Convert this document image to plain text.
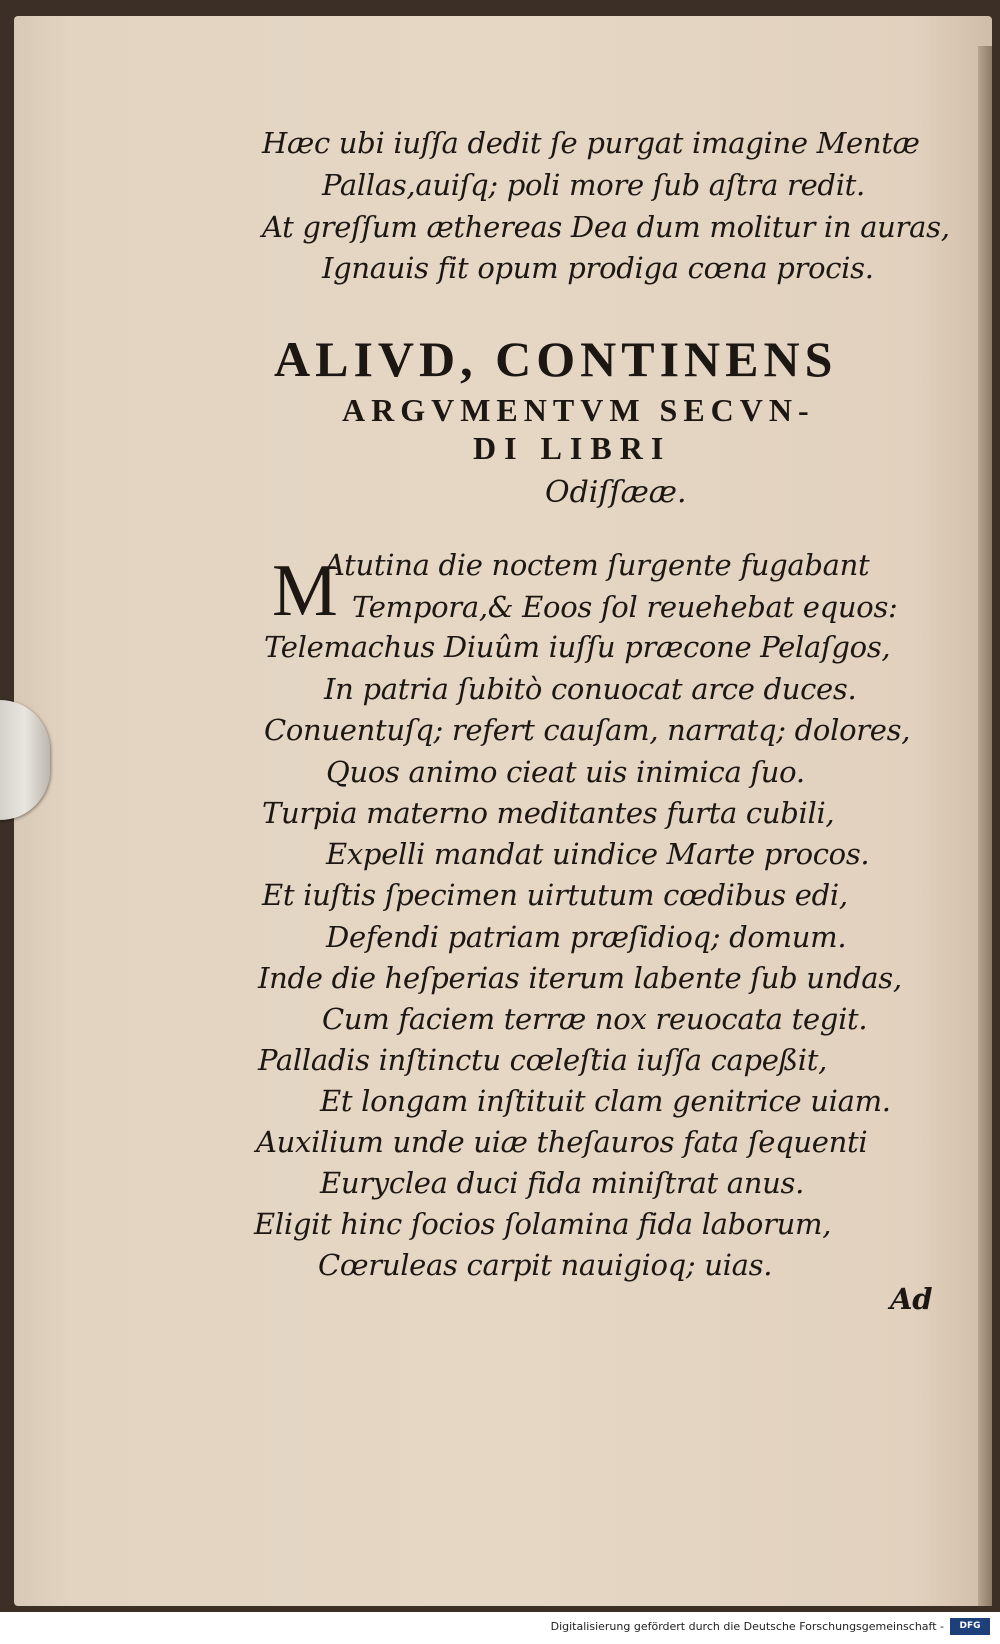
Hæc ubi iuſſa dedit ſe purgat imagine Mentæ

Pallas,auiſq; poli more ſub aſtra redit.

At greſſum æthereas Dea dum molitur in auras,

Ignauis fit opum prodiga cœna procis.

ALIVD, CONTINENS

ARGVMENTVM SECVN-

DI LIBRI

Odiſſææ.

M

Atutina die noctem ſurgente fugabant

Tempora,& Eoos ſol reuehebat equos:

Telemachus Diuûm iuſſu præcone Pelaſgos,

In patria ſubitò conuocat arce duces.

Conuentuſq; refert cauſam, narratq; dolores,

Quos animo cieat uis inimica ſuo.

Turpia materno meditantes furta cubili,

Expelli mandat uindice Marte procos.

Et iuſtis ſpecimen uirtutum cœdibus edi,

Defendi patriam præſidioq; domum.

Inde die heſperias iterum labente ſub undas,

Cum faciem terræ nox reuocata tegit.

Palladis inſtinctu cœleſtia iuſſa capeßit,

Et longam inſtituit clam genitrice uiam.

Auxilium unde uiæ theſauros fata ſequenti

Euryclea duci fida miniſtrat anus.

Eligit hinc ſocios ſolamina fida laborum,

Cœruleas carpit nauigioq; uias.

Ad

Digitalisierung gefördert durch die Deutsche Forschungsgemeinschaft -	DFG
